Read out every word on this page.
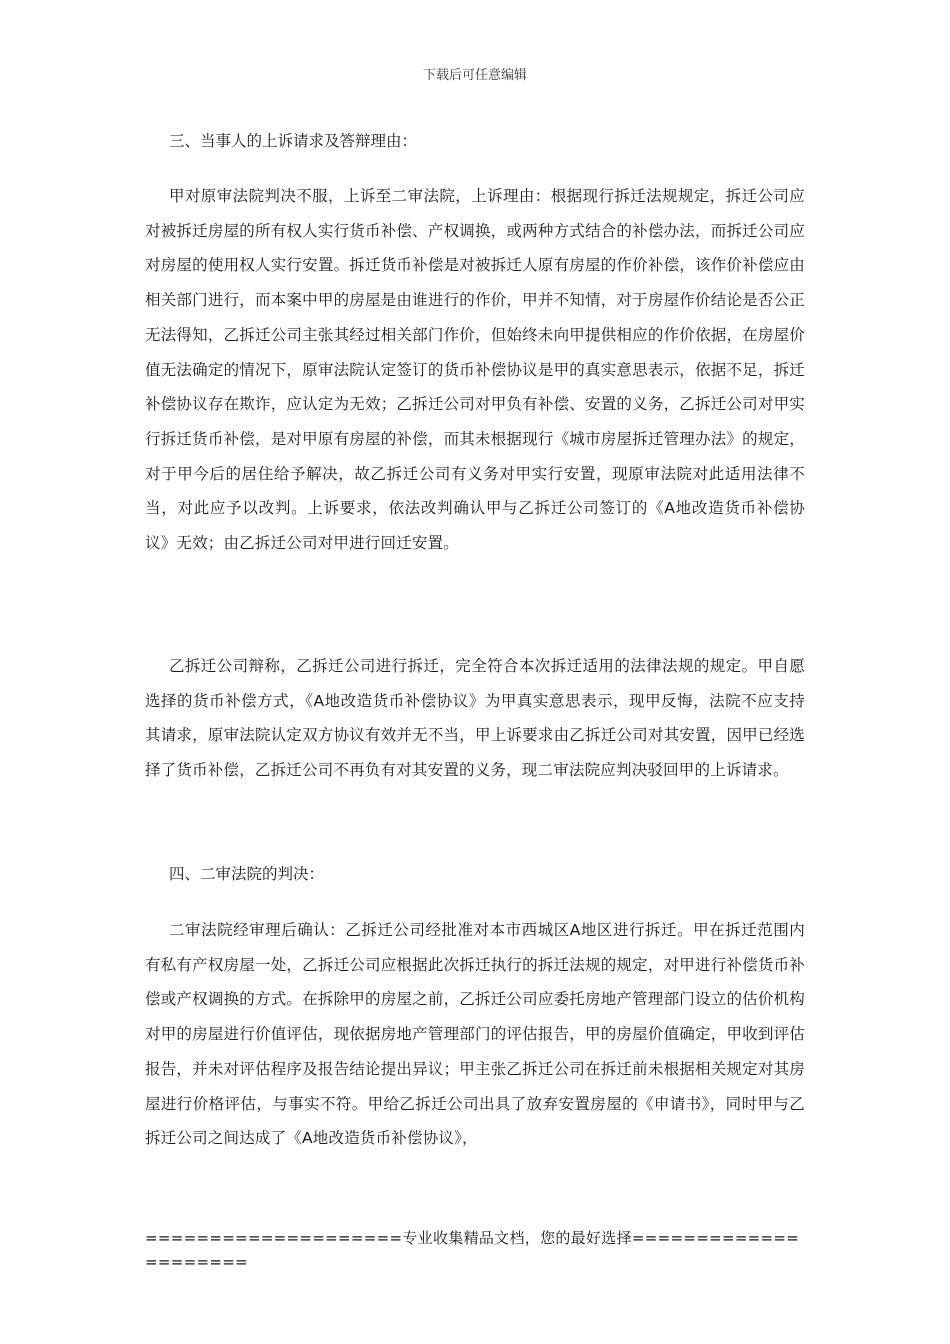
下载后可任意编辑
三、当事人的上诉请求及答辩理由：

甲对原审法院判决不服，上诉至二审法院，上诉理由：根据现行拆迁法规规定，拆迁公司应对被拆迁房屋的所有权人实行货币补偿、产权调换，或两种方式结合的补偿办法，而拆迁公司应对房屋的使用权人实行安置。拆迁货币补偿是对被拆迁人原有房屋的作价补偿，该作价补偿应由相关部门进行，而本案中甲的房屋是由谁进行的作价，甲并不知情，对于房屋作价结论是否公正无法得知，乙拆迁公司主张其经过相关部门作价，但始终未向甲提供相应的作价依据，在房屋价值无法确定的情况下，原审法院认定签订的货币补偿协议是甲的真实意思表示，依据不足，拆迁补偿协议存在欺诈，应认定为无效；乙拆迁公司对甲负有补偿、安置的义务，乙拆迁公司对甲实行拆迁货币补偿，是对甲原有房屋的补偿，而其未根据现行《城市房屋拆迁管理办法》的规定，对于甲今后的居住给予解决，故乙拆迁公司有义务对甲实行安置，现原审法院对此适用法律不当，对此应予以改判。上诉要求，依法改判确认甲与乙拆迁公司签订的《A地改造货币补偿协议》无效；由乙拆迁公司对甲进行回迁安置。

乙拆迁公司辩称，乙拆迁公司进行拆迁，完全符合本次拆迁适用的法律法规的规定。甲自愿选择的货币补偿方式，《A地改造货币补偿协议》为甲真实意思表示，现甲反悔，法院不应支持其请求，原审法院认定双方协议有效并无不当，甲上诉要求由乙拆迁公司对其安置，因甲已经选择了货币补偿，乙拆迁公司不再负有对其安置的义务，现二审法院应判决驳回甲的上诉请求。

四、二审法院的判决：

二审法院经审理后确认：乙拆迁公司经批准对本市西城区A地区进行拆迁。甲在拆迁范围内有私有产权房屋一处，乙拆迁公司应根据此次拆迁执行的拆迁法规的规定，对甲进行补偿货币补偿或产权调换的方式。在拆除甲的房屋之前，乙拆迁公司应委托房地产管理部门设立的估价机构对甲的房屋进行价值评估，现依据房地产管理部门的评估报告，甲的房屋价值确定，甲收到评估报告，并未对评估程序及报告结论提出异议；甲主张乙拆迁公司在拆迁前未根据相关规定对其房屋进行价格评估，与事实不符。甲给乙拆迁公司出具了放弃安置房屋的《申请书》，同时甲与乙拆迁公司之间达成了《A地改造货币补偿协议》，

====================专业收集精品文档，您的最好选择=====================
